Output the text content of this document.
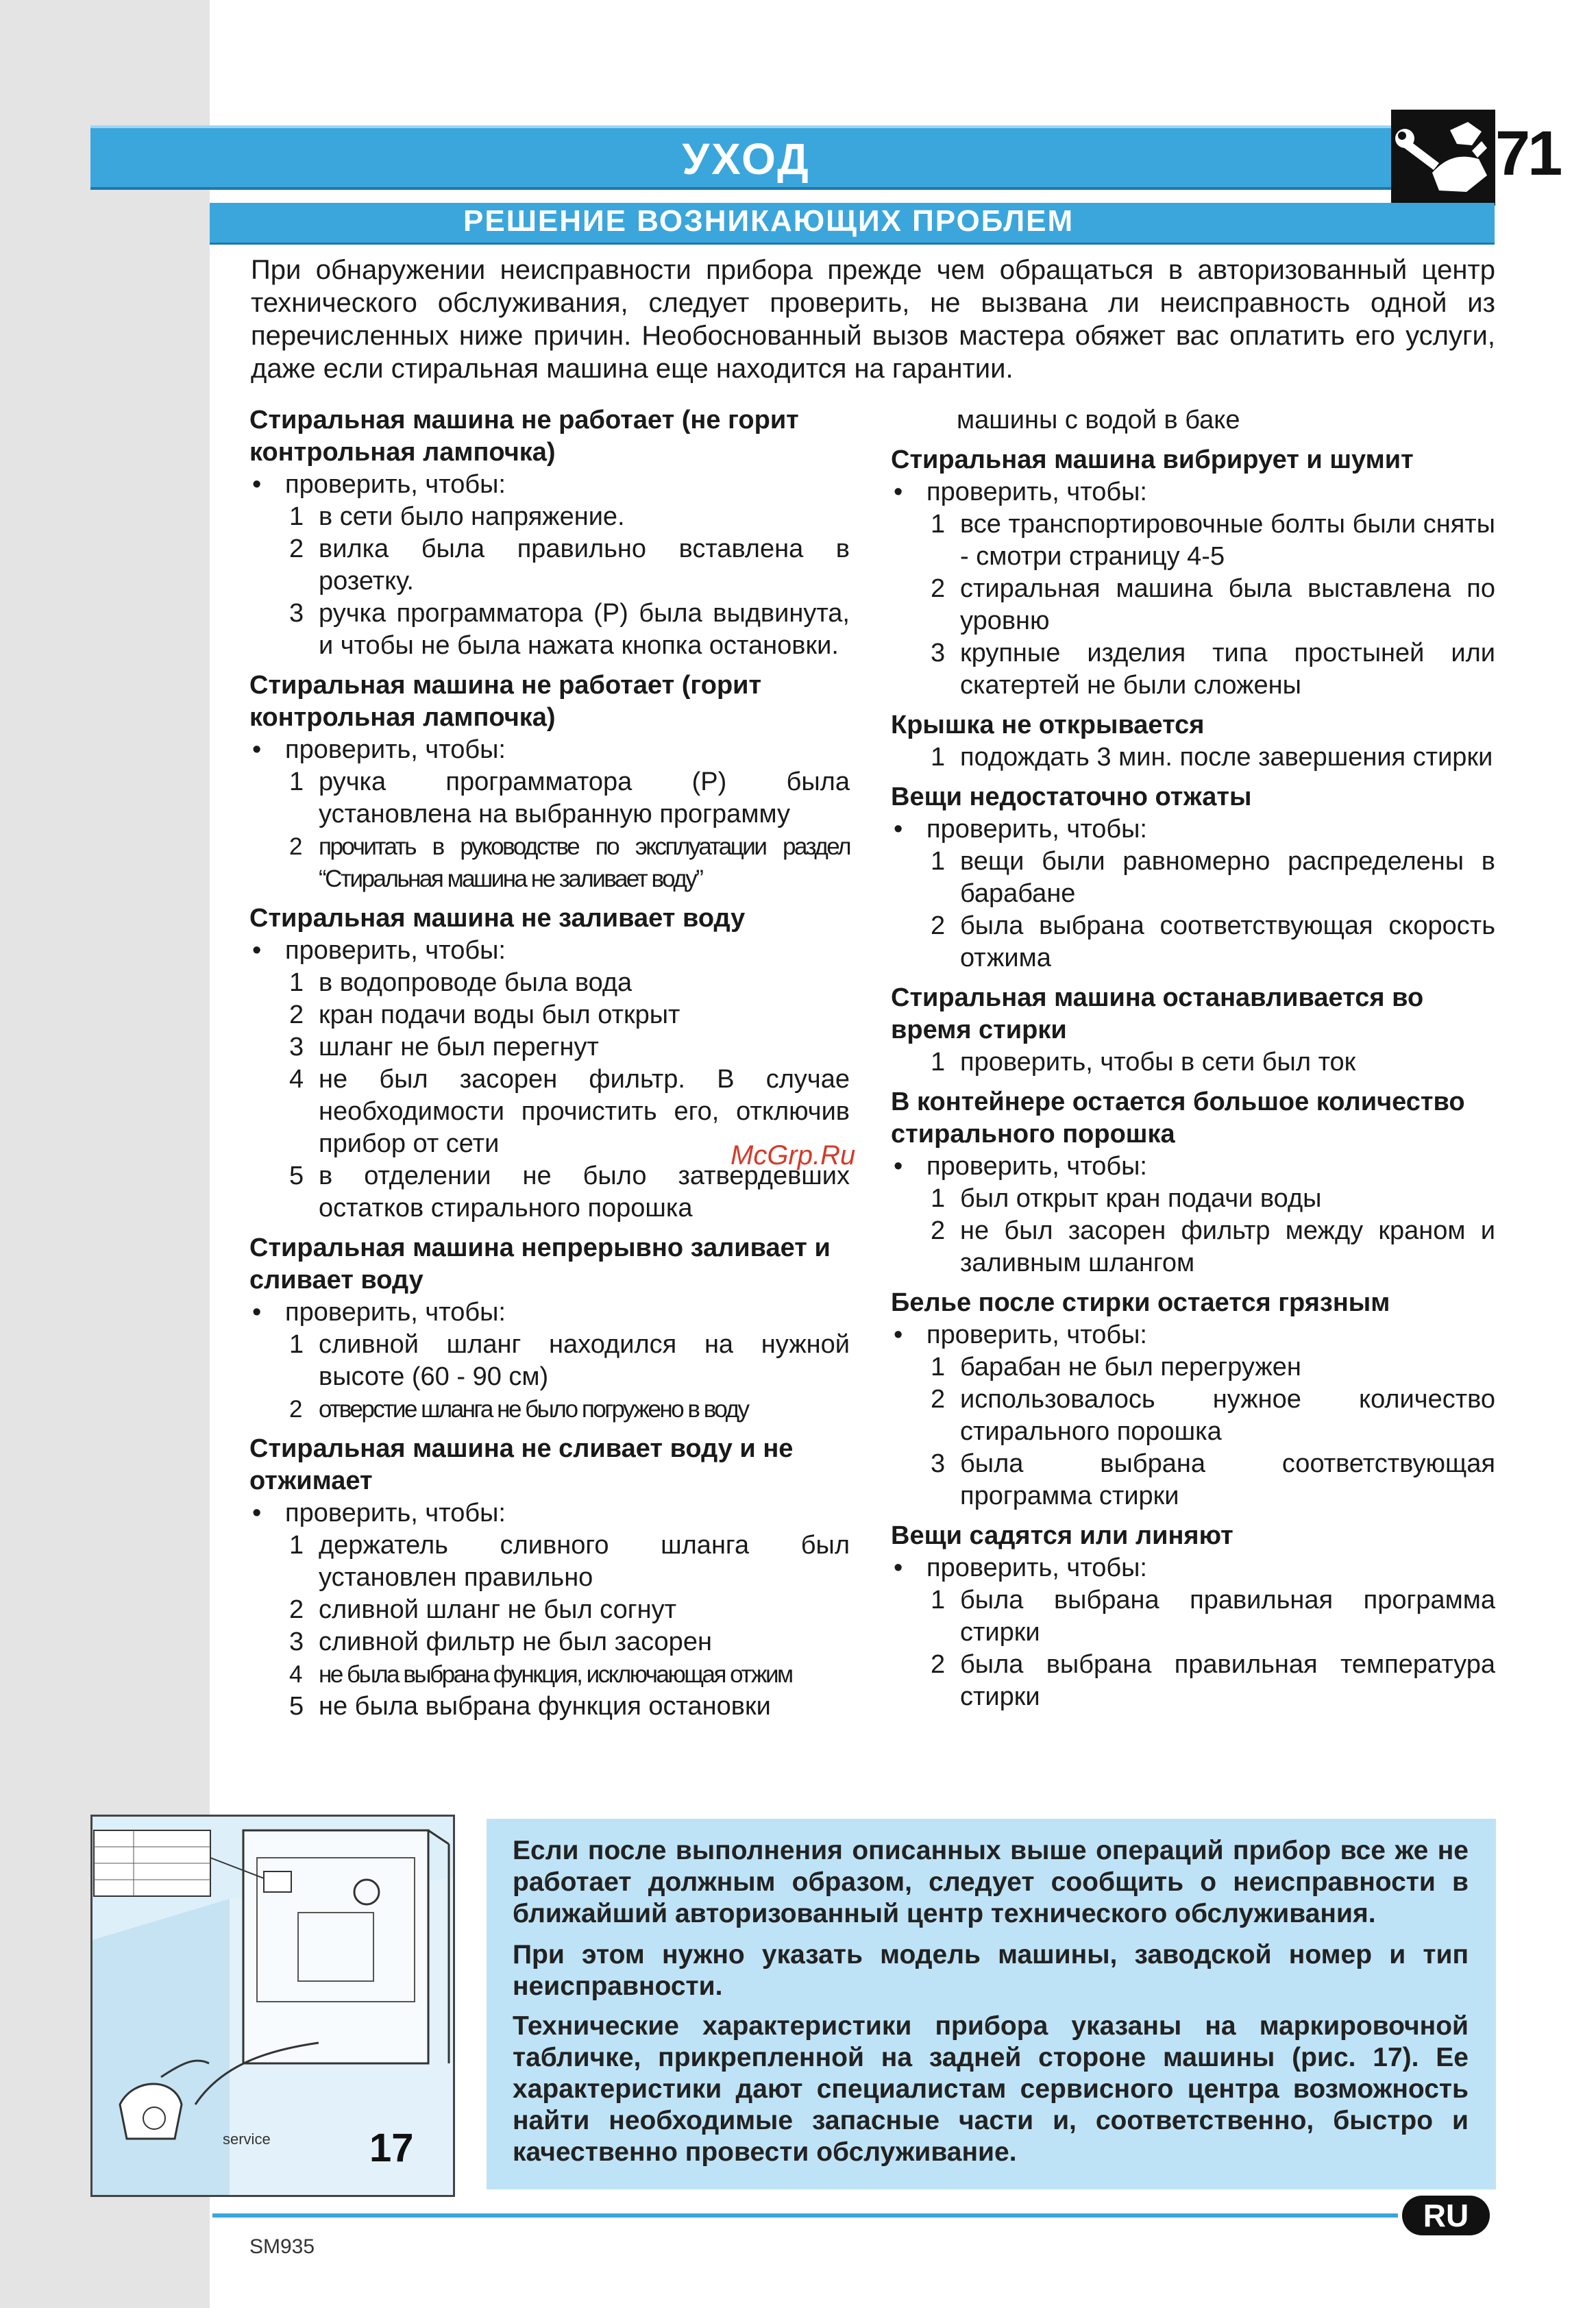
УХОД	71
РЕШЕНИЕ ВОЗНИКАЮЩИХ ПРОБЛЕМ
При обнаружении неисправности прибора прежде чем обращаться в авторизованный центр технического обслуживания, следует проверить, не вызвана ли неисправность одной из перечисленных ниже причин. Необоснованный вызов мастера обяжет вас оплатить его услуги, даже если стиральная машина еще находится на гарантии.
Стиральная машина не работает (не горит контрольная лампочка)
• проверить, чтобы:
1 в сети было напряжение.
2 вилка была правильно вставлена в розетку.
3 ручка программатора (Р) была выдвинута, и чтобы не была нажата кнопка остановки.
Стиральная машина не работает (горит контрольная лампочка)
• проверить, чтобы:
1 ручка программатора (Р) была установлена на выбранную программу
2 прочитать в руководстве по эксплуатации раздел “Стиральная машина не заливает воду”
Стиральная машина не заливает воду
• проверить, чтобы:
1 в водопроводе была вода
2 кран подачи воды был открыт
3 шланг не был перегнут
4 не был засорен фильтр. В случае необходимости прочистить его, отключив прибор от сети
5 в отделении не было затвердевших остатков стирального порошка
Стиральная машина непрерывно заливает и сливает воду
• проверить, чтобы:
1 сливной шланг находился на нужной высоте (60 - 90 см)
2 отверстие шланга не было погружено в воду
Стиральная машина не сливает воду и не отжимает
• проверить, чтобы:
1 держатель сливного шланга был установлен правильно
2 сливной шланг не был согнут
3 сливной фильтр не был засорен
4 не была выбрана функция, исключающая отжим
5 не была выбрана функция остановки
машины с водой в баке
Стиральная машина вибрирует и шумит
• проверить, чтобы:
1 все транспортировочные болты были сняты - смотри страницу 4-5
2 стиральная машина была выставлена по уровню
3 крупные изделия типа простыней или скатертей не были сложены
Крышка не открывается
1 подождать 3 мин. после завершения стирки
Вещи недостаточно отжаты
• проверить, чтобы:
1 вещи были равномерно распределены в барабане
2 была выбрана соответствующая скорость отжима
Стиральная машина останавливается во время стирки
1 проверить, чтобы в сети был ток
В контейнере остается большое количество стирального порошка
• проверить, чтобы:
1 был открыт кран подачи воды
2 не был засорен фильтр между краном и заливным шлангом
Белье после стирки остается грязным
• проверить, чтобы:
1 барабан не был перегружен
2 использовалось нужное количество стирального порошка
3 была выбрана соответствующая программа стирки
Вещи садятся или линяют
• проверить, чтобы:
1 была выбрана правильная программа стирки
2 была выбрана правильная температура стирки
McGrp.Ru
service 17

Если после выполнения описанных выше операций прибор все же не работает должным образом, следует сообщить о неисправности в ближайший авторизованный центр технического обслуживания.

При этом нужно указать модель машины, заводской номер и тип неисправности.

Технические характеристики прибора указаны на маркировочной табличке, прикрепленной на задней стороне машины (рис. 17). Ее характеристики дают специалистам сервисного центра возможность найти необходимые запасные части и, соответственно, быстро и качественно провести обслуживание.

RU
SM935
